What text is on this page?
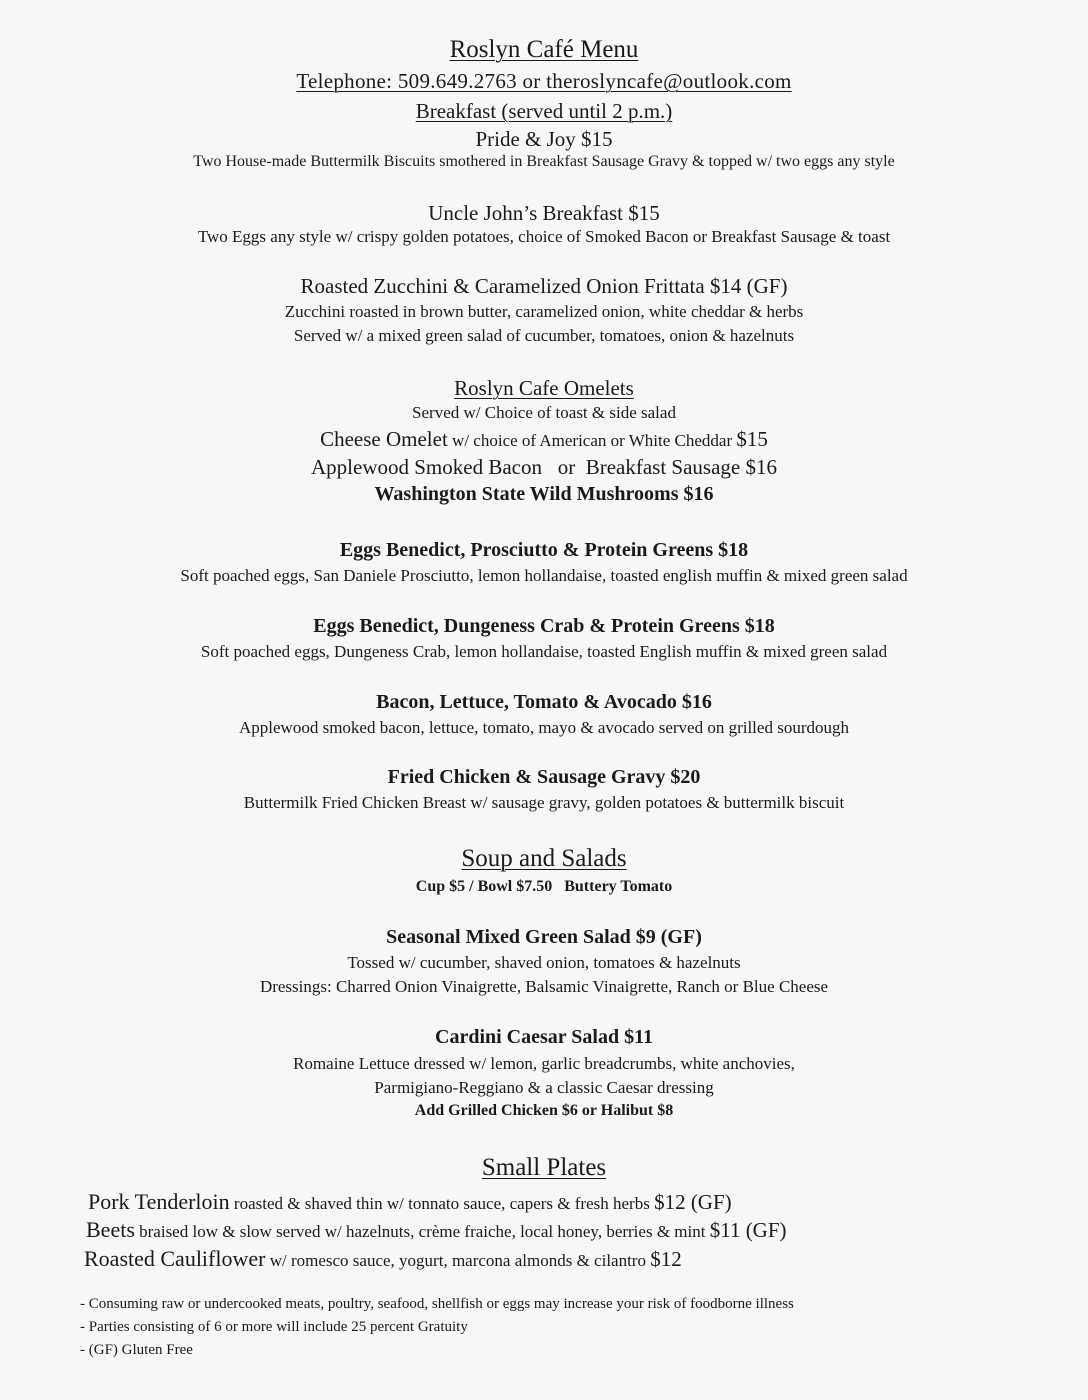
Roslyn Café Menu
Telephone: 509.649.2763 or theroslyncafe@outlook.com
Breakfast (served until 2 p.m.)
Pride & Joy $15
Two House-made Buttermilk Biscuits smothered in Breakfast Sausage Gravy & topped w/ two eggs any style
Uncle John’s Breakfast $15
Two Eggs any style w/ crispy golden potatoes, choice of Smoked Bacon or Breakfast Sausage & toast
Roasted Zucchini & Caramelized Onion Frittata $14 (GF)
Zucchini roasted in brown butter, caramelized onion, white cheddar & herbs
Served w/ a mixed green salad of cucumber, tomatoes, onion & hazelnuts
Roslyn Cafe Omelets
Served w/ Choice of toast & side salad
Cheese Omelet w/ choice of American or White Cheddar $15
Applewood Smoked Bacon   or  Breakfast Sausage $16
Washington State Wild Mushrooms $16
Eggs Benedict, Prosciutto & Protein Greens $18
Soft poached eggs, San Daniele Prosciutto, lemon hollandaise, toasted english muffin & mixed green salad
Eggs Benedict, Dungeness Crab & Protein Greens $18
Soft poached eggs, Dungeness Crab, lemon hollandaise, toasted English muffin & mixed green salad
Bacon, Lettuce, Tomato & Avocado $16
Applewood smoked bacon, lettuce, tomato, mayo & avocado served on grilled sourdough
Fried Chicken & Sausage Gravy $20
Buttermilk Fried Chicken Breast w/ sausage gravy, golden potatoes & buttermilk biscuit
Soup and Salads
Cup $5 / Bowl $7.50   Buttery Tomato
Seasonal Mixed Green Salad $9 (GF)
Tossed w/ cucumber, shaved onion, tomatoes & hazelnuts
Dressings: Charred Onion Vinaigrette, Balsamic Vinaigrette, Ranch or Blue Cheese
Cardini Caesar Salad $11
Romaine Lettuce dressed w/ lemon, garlic breadcrumbs, white anchovies,
Parmigiano-Reggiano & a classic Caesar dressing
Add Grilled Chicken $6 or Halibut $8
Small Plates
Pork Tenderloin roasted & shaved thin w/ tonnato sauce, capers & fresh herbs $12 (GF)
Beets braised low & slow served w/ hazelnuts, crème fraiche, local honey, berries & mint $11 (GF)
Roasted Cauliflower w/ romesco sauce, yogurt, marcona almonds & cilantro $12
- Consuming raw or undercooked meats, poultry, seafood, shellfish or eggs may increase your risk of foodborne illness
- Parties consisting of 6 or more will include 25 percent Gratuity
- (GF) Gluten Free
